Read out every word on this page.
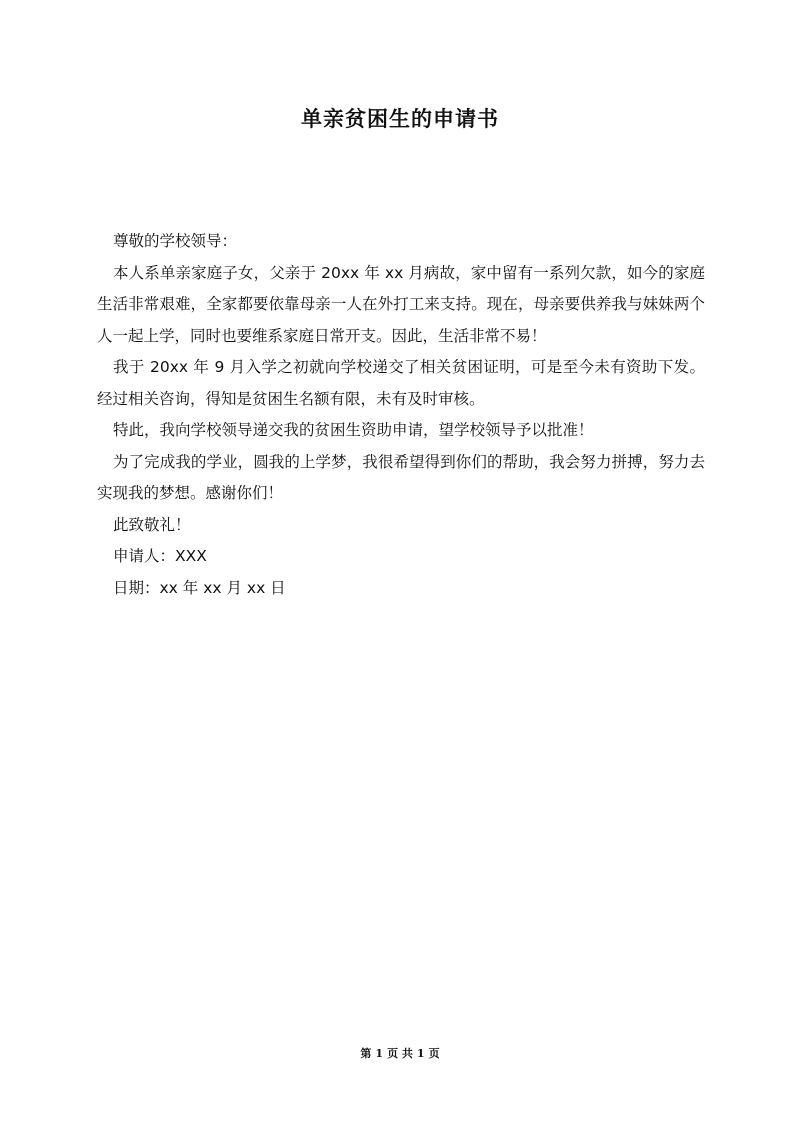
单亲贫困生的申请书

尊敬的学校领导：

本人系单亲家庭子女，父亲于 20xx 年 xx 月病故，家中留有一系列欠款，如今的家庭生活非常艰难，全家都要依靠母亲一人在外打工来支持。现在，母亲要供养我与妹妹两个人一起上学，同时也要维系家庭日常开支。因此，生活非常不易！

我于 20xx 年 9 月入学之初就向学校递交了相关贫困证明，可是至今未有资助下发。经过相关咨询，得知是贫困生名额有限，未有及时审核。

特此，我向学校领导递交我的贫困生资助申请，望学校领导予以批准！

为了完成我的学业，圆我的上学梦，我很希望得到你们的帮助，我会努力拼搏，努力去实现我的梦想。感谢你们！

此致敬礼！

申请人：XXX

日期：xx 年 xx 月 xx 日

第 1 页 共 1 页
